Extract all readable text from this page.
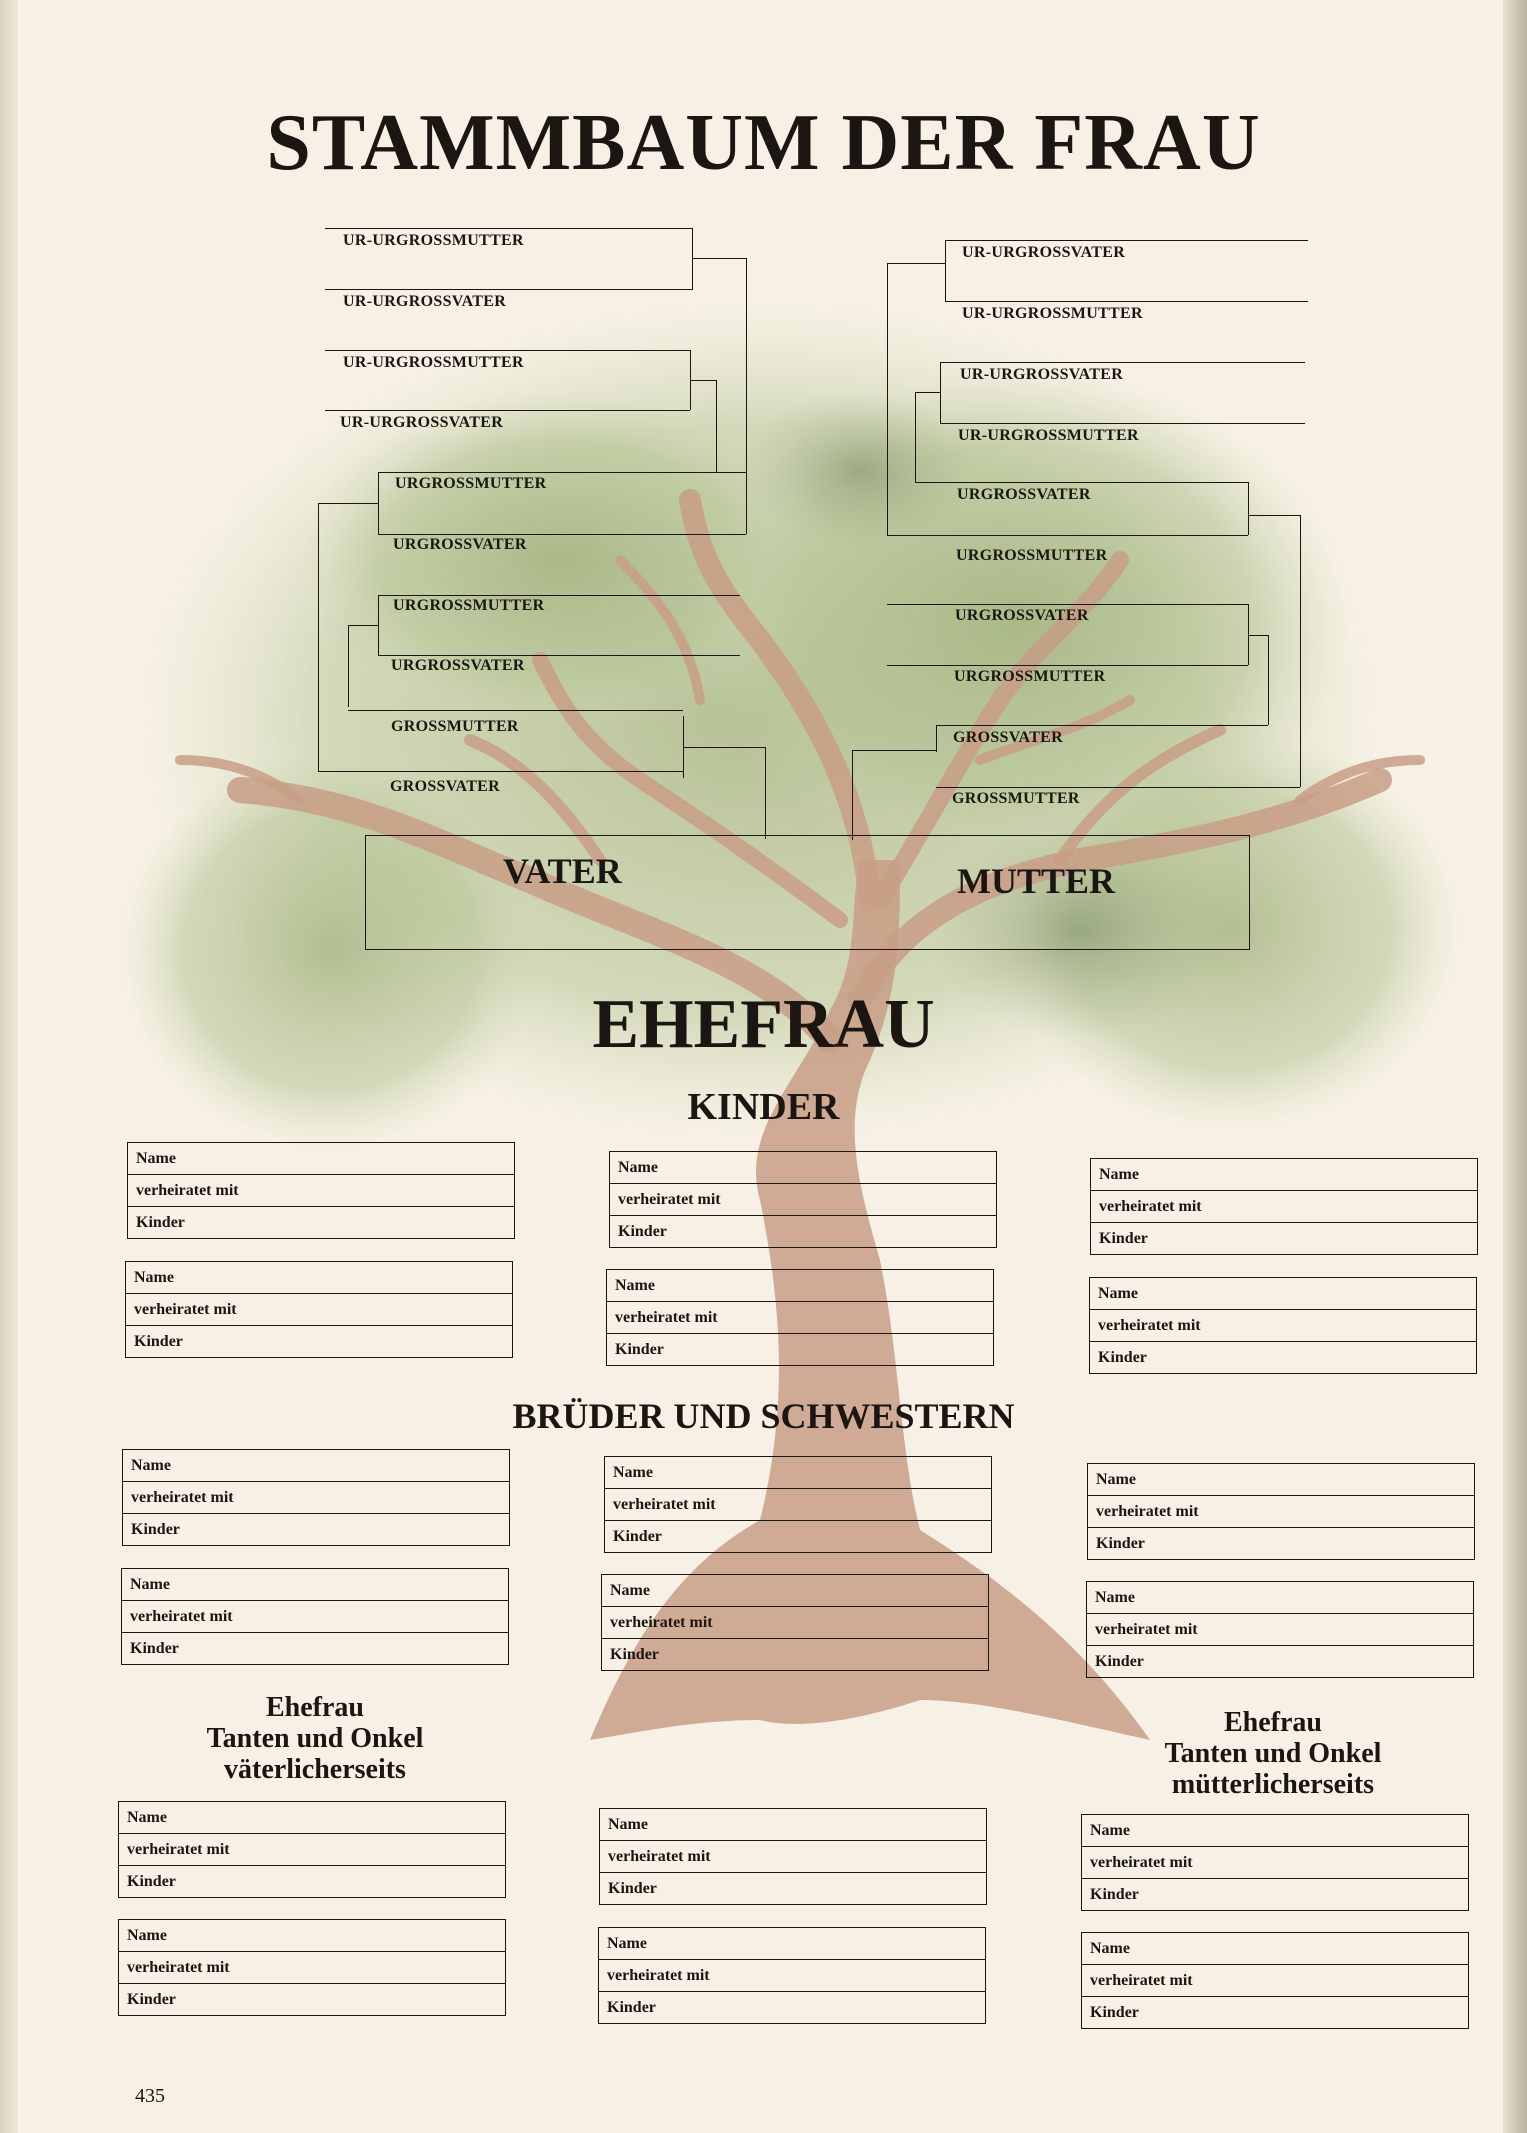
STAMMBAUM DER FRAU
UR-URGROSSMUTTER
UR-URGROSSVATER
UR-URGROSSMUTTER
UR-URGROSSVATER
URGROSSMUTTER
URGROSSVATER
URGROSSMUTTER
URGROSSVATER
GROSSMUTTER
GROSSVATER
UR-URGROSSVATER
UR-URGROSSMUTTER
UR-URGROSSVATER
UR-URGROSSMUTTER
URGROSSVATER
URGROSSMUTTER
URGROSSVATER
URGROSSMUTTER
GROSSVATER
GROSSMUTTER
VATER	MUTTER
EHEFRAU
KINDER
BRÜDER UND SCHWESTERN
Ehefrau
Tanten und Onkel
väterlicherseits
Ehefrau
Tanten und Onkel
mütterlicherseits
Name
verheiratet mit
Kinder
Name
verheiratet mit
Kinder
Name
verheiratet mit
Kinder
Name
verheiratet mit
Kinder
Name
verheiratet mit
Kinder
Name
verheiratet mit
Kinder
Name
verheiratet mit
Kinder
Name
verheiratet mit
Kinder
Name
verheiratet mit
Kinder
Name
verheiratet mit
Kinder
Name
verheiratet mit
Kinder
Name
verheiratet mit
Kinder
Name
verheiratet mit
Kinder
Name
verheiratet mit
Kinder
Name
verheiratet mit
Kinder
Name
verheiratet mit
Kinder
Name
verheiratet mit
Kinder
Name
verheiratet mit
Kinder
435
